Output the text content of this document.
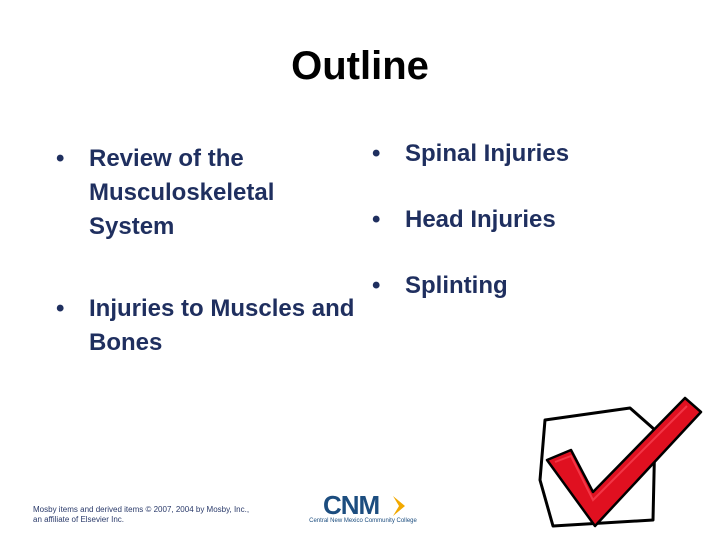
Outline
•	Review of the Musculoskeletal System
•	Injuries to Muscles and Bones
•	Spinal Injuries
•	Head Injuries
•	Splinting
Mosby items and derived items © 2007, 2004 by Mosby, Inc.,
an affiliate of Elsevier Inc.	CNM
Central New Mexico Community College
